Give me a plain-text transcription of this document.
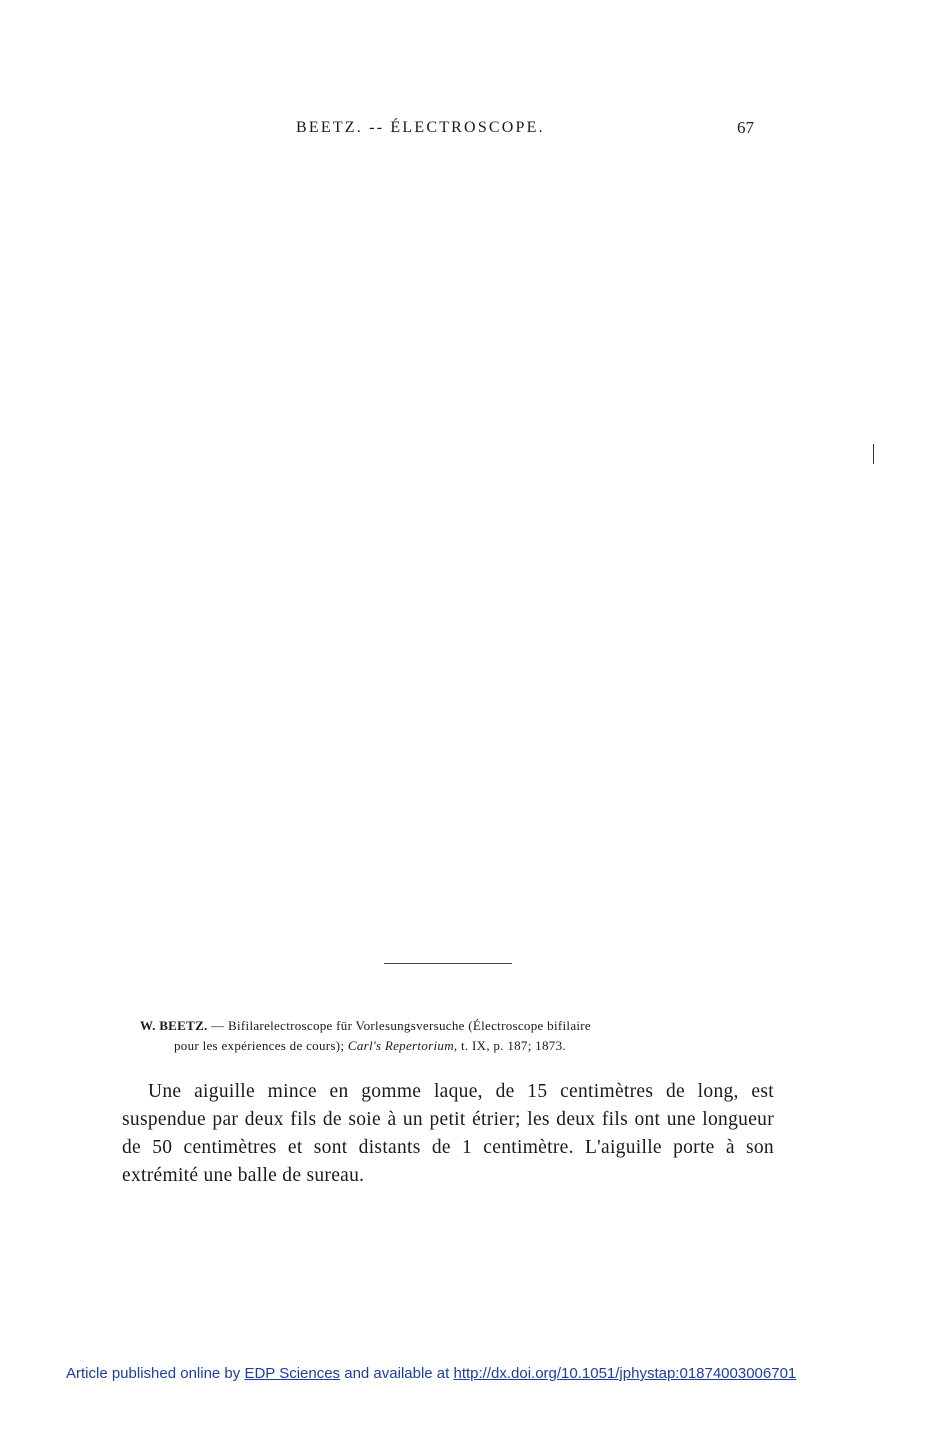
BEETZ. -- ÉLECTROSCOPE.	67
W. BEETZ. — Bifilarelectroscope für Vorlesungsversuche (Électroscope bifilaire
pour les expériences de cours); Carl's Repertorium, t. IX, p. 187; 1873.
Une aiguille mince en gomme laque, de 15 centimètres de long, est suspendue par deux fils de soie à un petit étrier; les deux fils ont une longueur de 50 centimètres et sont distants de 1 centimètre. L'aiguille porte à son extrémité une balle de sureau.
Article published online by EDP Sciences and available at http://dx.doi.org/10.1051/jphystap:01874003006701
